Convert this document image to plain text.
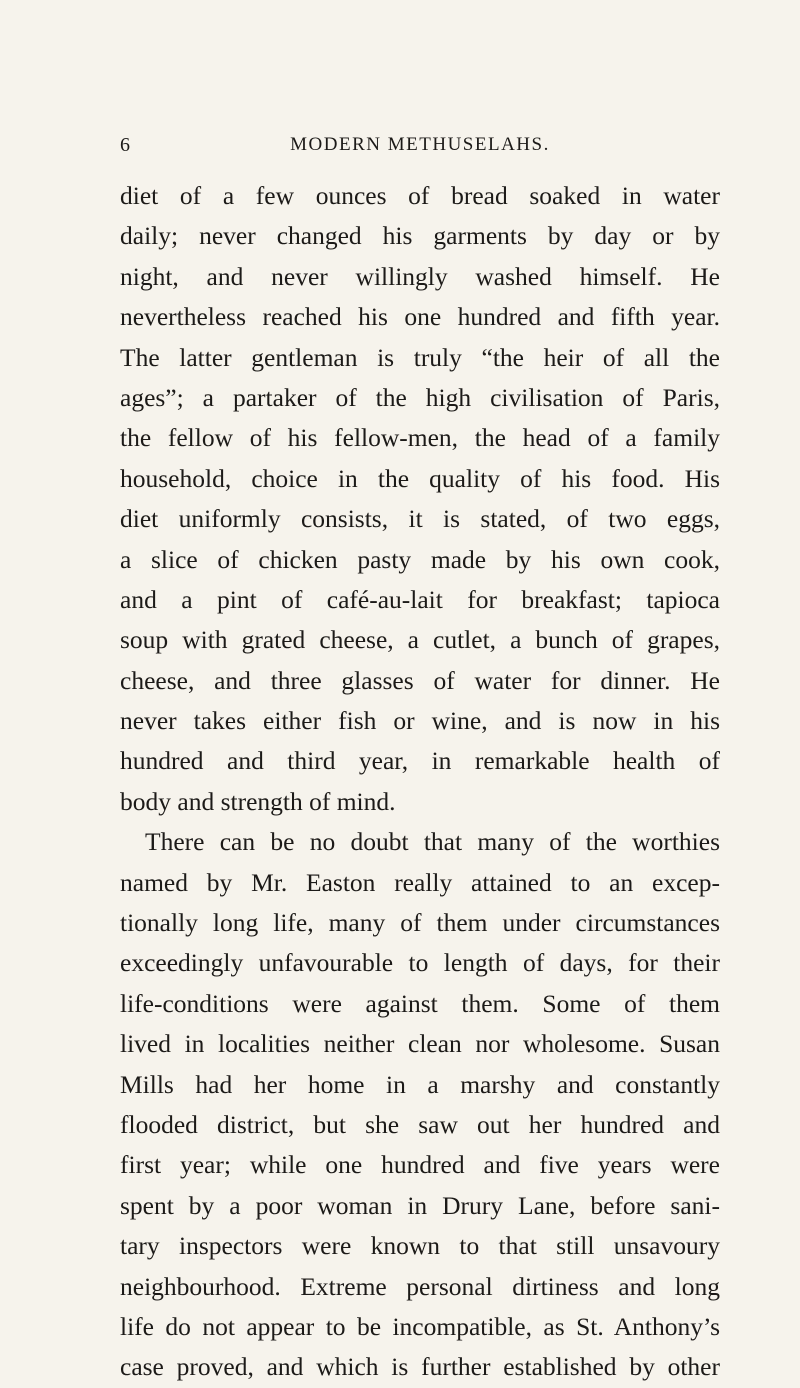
6	MODERN METHUSELAHS.
diet of a few ounces of bread soaked in water
daily; never changed his garments by day or by
night, and never willingly washed himself. He
nevertheless reached his one hundred and fifth year.
The latter gentleman is truly “the heir of all the
ages”; a partaker of the high civilisation of Paris,
the fellow of his fellow-men, the head of a family
household, choice in the quality of his food. His
diet uniformly consists, it is stated, of two eggs,
a slice of chicken pasty made by his own cook,
and a pint of café-au-lait for breakfast; tapioca
soup with grated cheese, a cutlet, a bunch of grapes,
cheese, and three glasses of water for dinner. He
never takes either fish or wine, and is now in his
hundred and third year, in remarkable health of
body and strength of mind.
There can be no doubt that many of the worthies
named by Mr. Easton really attained to an excep-
tionally long life, many of them under circumstances
exceedingly unfavourable to length of days, for their
life-conditions were against them. Some of them
lived in localities neither clean nor wholesome. Susan
Mills had her home in a marshy and constantly
flooded district, but she saw out her hundred and
first year; while one hundred and five years were
spent by a poor woman in Drury Lane, before sani-
tary inspectors were known to that still unsavoury
neighbourhood. Extreme personal dirtiness and long
life do not appear to be incompatible, as St. Anthony’s
case proved, and which is further established by other
